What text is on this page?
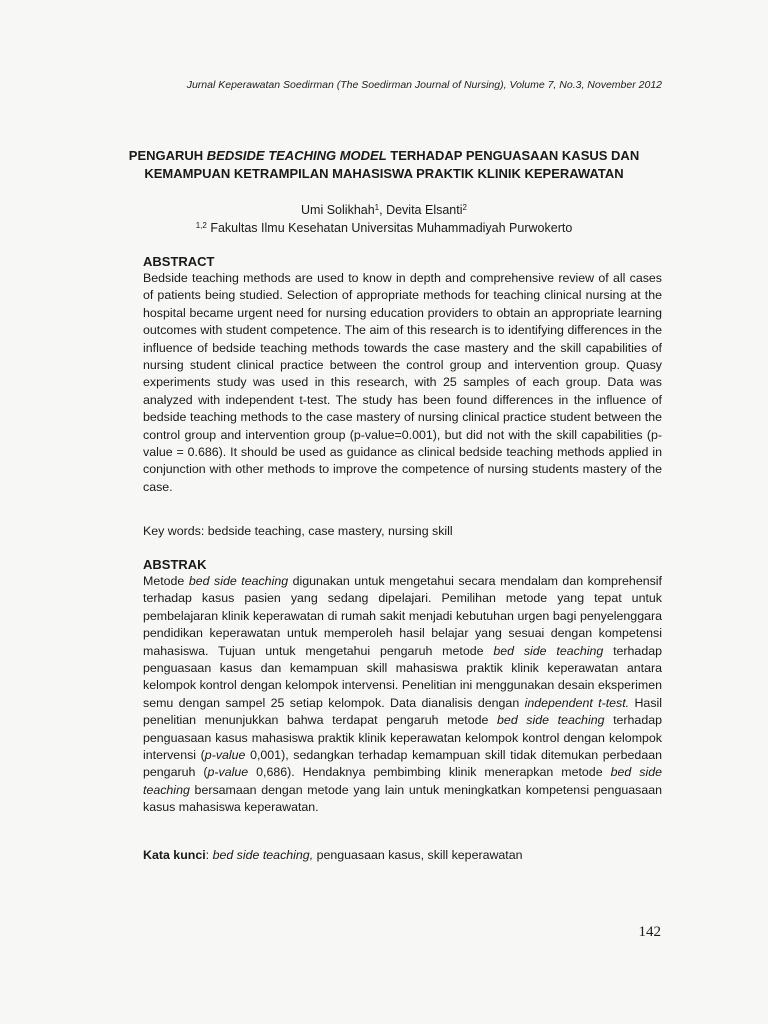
Jurnal Keperawatan Soedirman (The Soedirman Journal of Nursing), Volume 7, No.3, November 2012
PENGARUH BEDSIDE TEACHING MODEL TERHADAP PENGUASAAN KASUS DAN KEMAMPUAN KETRAMPILAN MAHASISWA PRAKTIK KLINIK KEPERAWATAN
Umi Solikhah$^1$, Devita Elsanti$^2$
$^{1,2}$ Fakultas Ilmu Kesehatan Universitas Muhammadiyah Purwokerto
ABSTRACT
Bedside teaching methods are used to know in depth and comprehensive review of all cases of patients being studied. Selection of appropriate methods for teaching clinical nursing at the hospital became urgent need for nursing education providers to obtain an appropriate learning outcomes with student competence. The aim of this research is to identifying differences in the influence of bedside teaching methods towards the case mastery and the skill capabilities of nursing student clinical practice between the control group and intervention group. Quasy experiments study was used in this research, with 25 samples of each group. Data was analyzed with independent t-test. The study has been found differences in the influence of bedside teaching methods to the case mastery of nursing clinical practice student between the control group and intervention group (p-value=0.001), but did not with the skill capabilities (p-value = 0.686). It should be used as guidance as clinical bedside teaching methods applied in conjunction with other methods to improve the competence of nursing students mastery of the case.
Key words: bedside teaching, case mastery, nursing skill
ABSTRAK
Metode bed side teaching digunakan untuk mengetahui secara mendalam dan komprehensif terhadap kasus pasien yang sedang dipelajari. Pemilihan metode yang tepat untuk pembelajaran klinik keperawatan di rumah sakit menjadi kebutuhan urgen bagi penyelenggara pendidikan keperawatan untuk memperoleh hasil belajar yang sesuai dengan kompetensi mahasiswa. Tujuan untuk mengetahui pengaruh metode bed side teaching terhadap penguasaan kasus dan kemampuan skill mahasiswa praktik klinik keperawatan antara kelompok kontrol dengan kelompok intervensi. Penelitian ini menggunakan desain eksperimen semu dengan sampel 25 setiap kelompok. Data dianalisis dengan independent t-test. Hasil penelitian menunjukkan bahwa terdapat pengaruh metode bed side teaching terhadap penguasaan kasus mahasiswa praktik klinik keperawatan kelompok kontrol dengan kelompok intervensi (p-value 0,001), sedangkan terhadap kemampuan skill tidak ditemukan perbedaan pengaruh (p-value 0,686). Hendaknya pembimbing klinik menerapkan metode bed side teaching bersamaan dengan metode yang lain untuk meningkatkan kompetensi penguasaan kasus mahasiswa keperawatan.
Kata kunci: bed side teaching, penguasaan kasus, skill keperawatan
142
